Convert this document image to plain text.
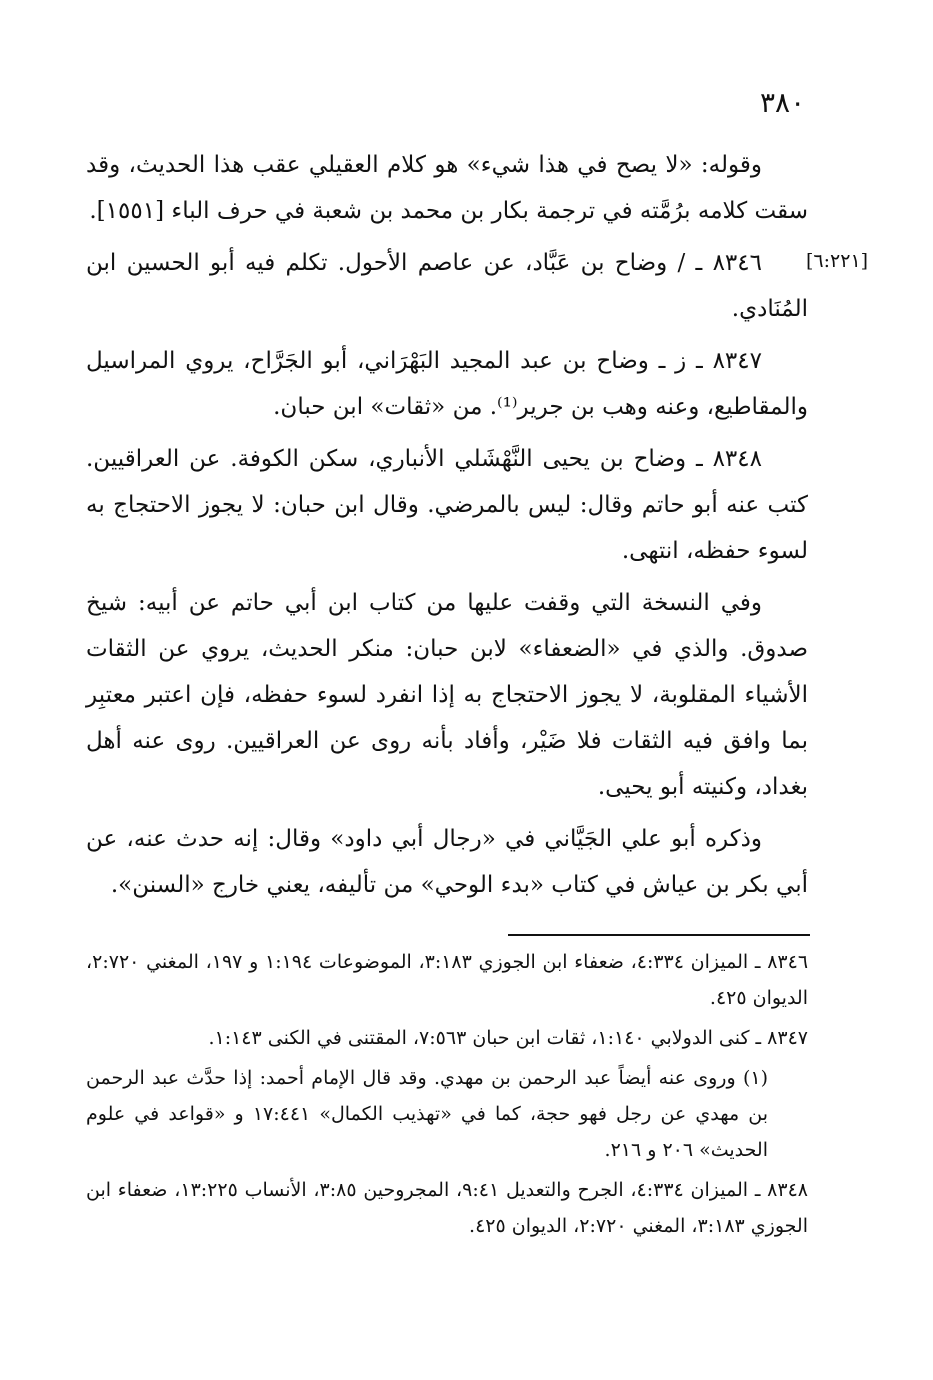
٣٨٠
[٦:٢٢١]

وقوله: «لا يصح في هذا شيء» هو كلام العقيلي عقب هذا الحديث، وقد سقت كلامه برُمَّته في ترجمة بكار بن محمد بن شعبة في حرف الباء [١٥٥١].

٨٣٤٦ ـ / وضاح بن عَبَّاد، عن عاصم الأحول. تكلم فيه أبو الحسين ابن المُنَادي.

٨٣٤٧ ـ ز ـ وضاح بن عبد المجيد البَهْرَاني، أبو الجَرَّاح، يروي المراسيل والمقاطيع، وعنه وهب بن جرير⁽¹⁾. من «ثقات» ابن حبان.

٨٣٤٨ ـ وضاح بن يحيى النَّهْشَلي الأنباري، سكن الكوفة. عن العراقيين. كتب عنه أبو حاتم وقال: ليس بالمرضي. وقال ابن حبان: لا يجوز الاحتجاج به لسوء حفظه، انتهى.

وفي النسخة التي وقفت عليها من كتاب ابن أبي حاتم عن أبيه: شيخ صدوق. والذي في «الضعفاء» لابن حبان: منكر الحديث، يروي عن الثقات الأشياء المقلوبة، لا يجوز الاحتجاج به إذا انفرد لسوء حفظه، فإن اعتبر معتبِر بما وافق فيه الثقات فلا ضَيْر، وأفاد بأنه روى عن العراقيين. روى عنه أهل بغداد، وكنيته أبو يحيى.

وذكره أبو علي الجَيَّاني في «رجال أبي داود» وقال: إنه حدث عنه، عن أبي بكر بن عياش في كتاب «بدء الوحي» من تأليفه، يعني خارج «السنن».

٨٣٤٦ ـ الميزان ٤:٣٣٤، ضعفاء ابن الجوزي ٣:١٨٣، الموضوعات ١:١٩٤ و ١٩٧، المغني ٢:٧٢٠، الديوان ٤٢٥.

٨٣٤٧ ـ كنى الدولابي ١:١٤٠، ثقات ابن حبان ٧:٥٦٣، المقتنى في الكنى ١:١٤٣.

(١) وروى عنه أيضاً عبد الرحمن بن مهدي. وقد قال الإمام أحمد: إذا حدَّث عبد الرحمن بن مهدي عن رجل فهو حجة، كما في «تهذيب الكمال» ١٧:٤٤١ و «قواعد في علوم الحديث» ٢٠٦ و ٢١٦.

٨٣٤٨ ـ الميزان ٤:٣٣٤، الجرح والتعديل ٩:٤١، المجروحين ٣:٨٥، الأنساب ١٣:٢٢٥، ضعفاء ابن الجوزي ٣:١٨٣، المغني ٢:٧٢٠، الديوان ٤٢٥.
